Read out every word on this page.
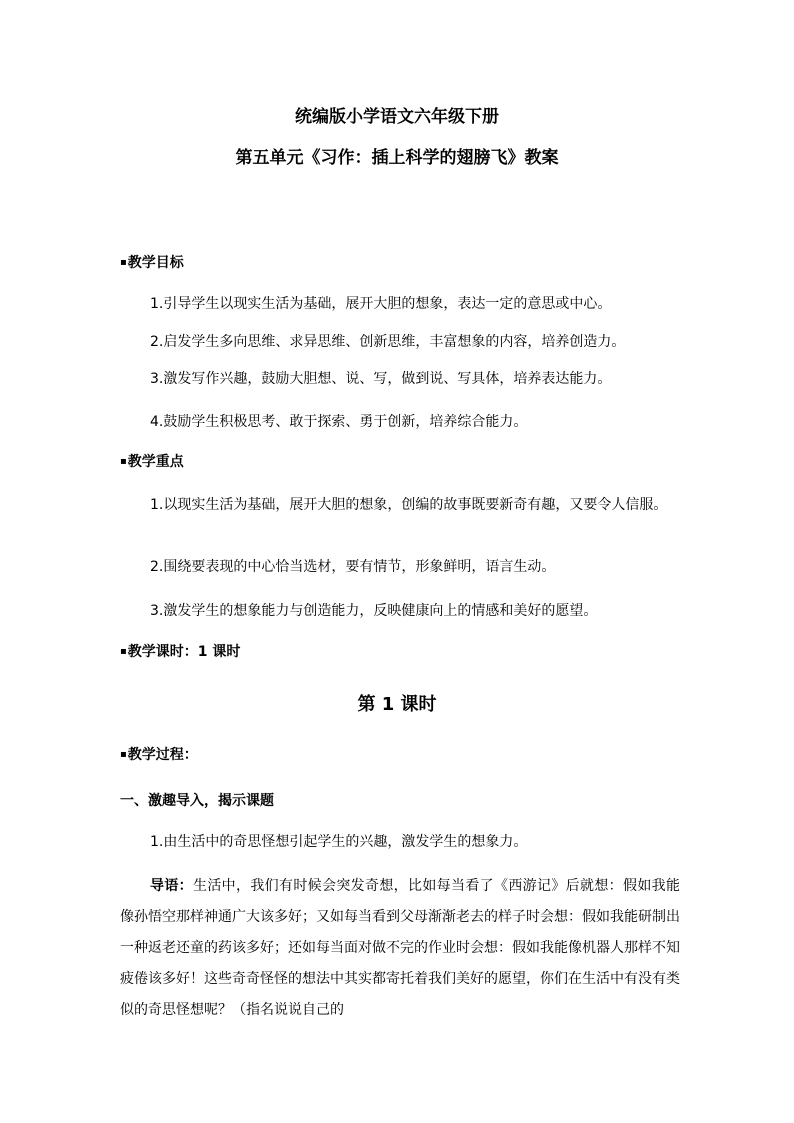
统编版小学语文六年级下册
第五单元《习作：插上科学的翅膀飞》教案
▪教学目标
1.引导学生以现实生活为基础，展开大胆的想象，表达一定的意思或中心。
2.启发学生多向思维、求异思维、创新思维，丰富想象的内容，培养创造力。
3.激发写作兴趣，鼓励大胆想、说、写，做到说、写具体，培养表达能力。
4.鼓励学生积极思考、敢于探索、勇于创新，培养综合能力。
▪教学重点
1.以现实生活为基础，展开大胆的想象，创编的故事既要新奇有趣，又要令人信服。
2.围绕要表现的中心恰当选材，要有情节，形象鲜明，语言生动。
3.激发学生的想象能力与创造能力，反映健康向上的情感和美好的愿望。
▪教学课时：1 课时
第 1 课时
▪教学过程：
一、激趣导入，揭示课题
1.由生活中的奇思怪想引起学生的兴趣，激发学生的想象力。
导语：生活中，我们有时候会突发奇想，比如每当看了《西游记》后就想：假如我能像孙悟空那样神通广大该多好；又如每当看到父母渐渐老去的样子时会想：假如我能研制出一种返老还童的药该多好；还如每当面对做不完的作业时会想：假如我能像机器人那样不知疲倦该多好！这些奇奇怪怪的想法中其实都寄托着我们美好的愿望，你们在生活中有没有类似的奇思怪想呢？（指名说说自己的
